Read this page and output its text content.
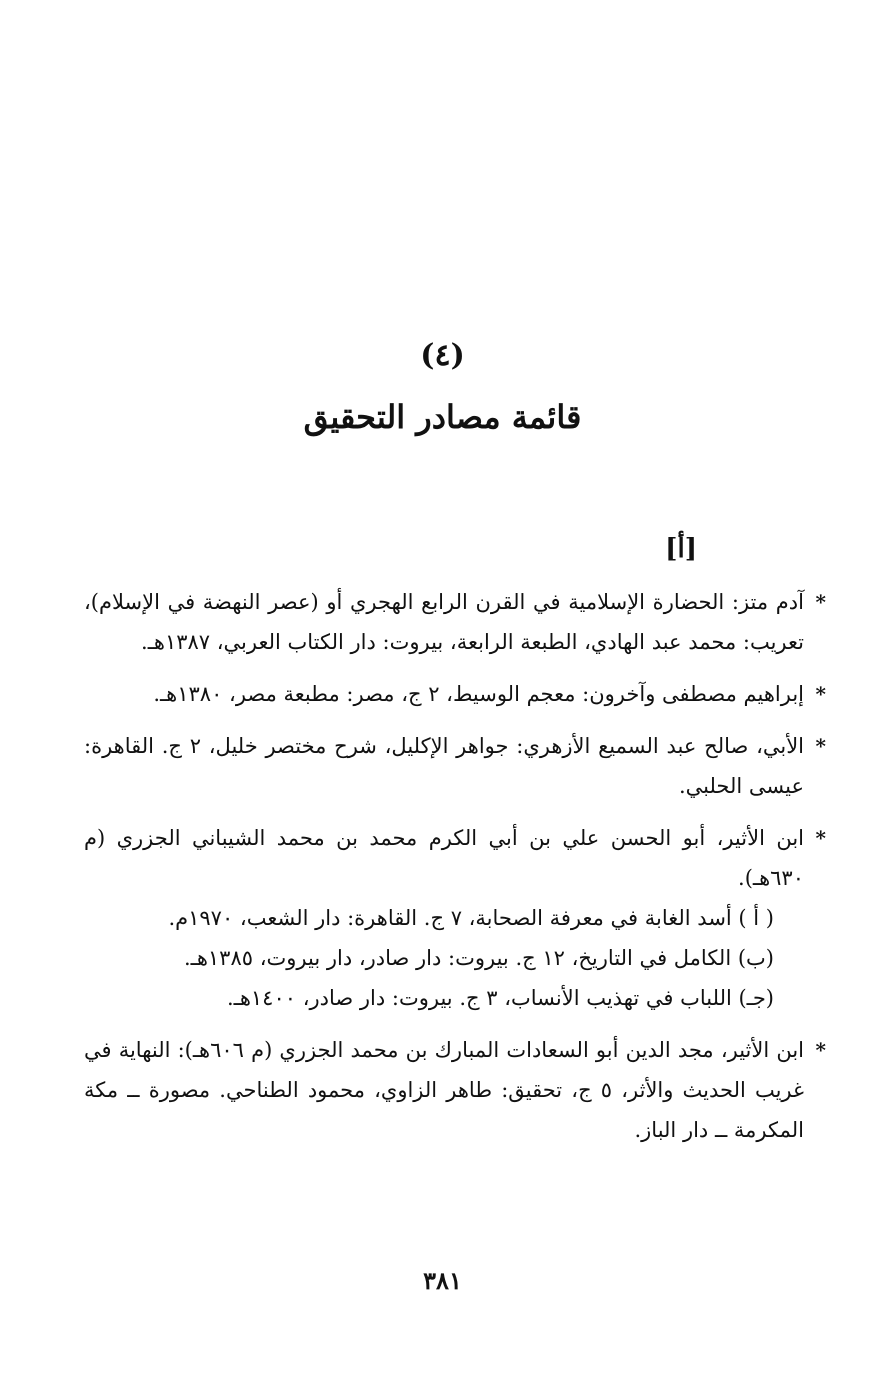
(٤)
قائمة مصادر التحقيق
[أ]
*
آدم متز: الحضارة الإسلامية في القرن الرابع الهجري أو (عصر النهضة في الإسلام)، تعريب: محمد عبد الهادي، الطبعة الرابعة، بيروت: دار الكتاب العربي، ١٣٨٧هـ.
*
إبراهيم مصطفى وآخرون: معجم الوسيط، ٢ ج، مصر: مطبعة مصر، ١٣٨٠هـ.
*
الأبي، صالح عبد السميع الأزهري: جواهر الإكليل، شرح مختصر خليل، ٢ ج. القاهرة: عيسى الحلبي.
*
ابن الأثير، أبو الحسن علي بن أبي الكرم محمد بن محمد الشيباني الجزري (م ٦٣٠هـ).
( أ ) أسد الغابة في معرفة الصحابة، ٧ ج. القاهرة: دار الشعب، ١٩٧٠م.
(ب) الكامل في التاريخ، ١٢ ج. بيروت: دار صادر، دار بيروت، ١٣٨٥هـ.
(جـ) اللباب في تهذيب الأنساب، ٣ ج. بيروت: دار صادر، ١٤٠٠هـ.
*
ابن الأثير، مجد الدين أبو السعادات المبارك بن محمد الجزري (م ٦٠٦هـ): النهاية في غريب الحديث والأثر، ٥ ج، تحقيق: طاهر الزاوي، محمود الطناحي. مصورة ــ مكة المكرمة ــ دار الباز.
٣٨١
